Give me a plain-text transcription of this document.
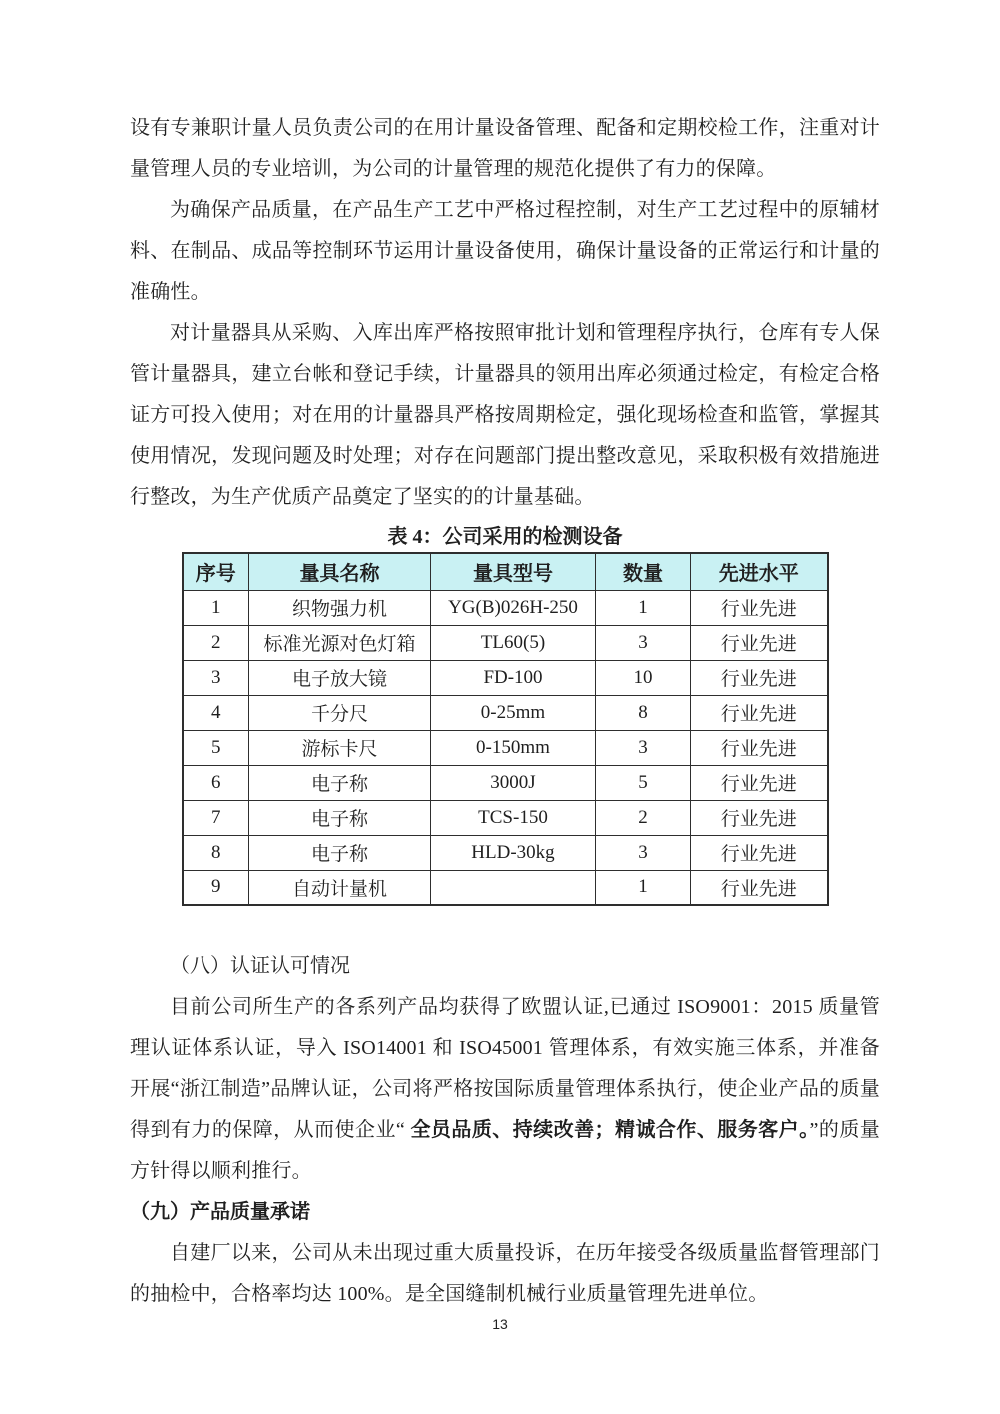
设有专兼职计量人员负责公司的在用计量设备管理、配备和定期校检工作，注重对计量管理人员的专业培训，为公司的计量管理的规范化提供了有力的保障。

为确保产品质量，在产品生产工艺中严格过程控制，对生产工艺过程中的原辅材料、在制品、成品等控制环节运用计量设备使用，确保计量设备的正常运行和计量的准确性。

对计量器具从采购、入库出库严格按照审批计划和管理程序执行，仓库有专人保管计量器具，建立台帐和登记手续，计量器具的领用出库必须通过检定，有检定合格证方可投入使用；对在用的计量器具严格按周期检定，强化现场检查和监管，掌握其使用情况，发现问题及时处理；对存在问题部门提出整改意见，采取积极有效措施进行整改，为生产优质产品奠定了坚实的的计量基础。

表 4：公司采用的检测设备
序号	量具名称	量具型号	数量	先进水平
1	织物强力机	YG(B)026H-250	1	行业先进
2	标准光源对色灯箱	TL60(5)	3	行业先进
3	电子放大镜	FD-100	10	行业先进
4	千分尺	0-25mm	8	行业先进
5	游标卡尺	0-150mm	3	行业先进
6	电子称	3000J	5	行业先进
7	电子称	TCS-150	2	行业先进
8	电子称	HLD-30kg	3	行业先进
9	自动计量机		1	行业先进

（八）认证认可情况

目前公司所生产的各系列产品均获得了欧盟认证,已通过 ISO9001：2015 质量管理认证体系认证，导入 ISO14001 和 ISO45001 管理体系，有效实施三体系，并准备开展“浙江制造”品牌认证，公司将严格按国际质量管理体系执行，使企业产品的质量得到有力的保障，从而使企业“ 全员品质、持续改善；精诚合作、服务客户。”的质量方针得以顺利推行。

（九）产品质量承诺

自建厂以来，公司从未出现过重大质量投诉，在历年接受各级质量监督管理部门的抽检中，合格率均达 100%。是全国缝制机械行业质量管理先进单位。

13
